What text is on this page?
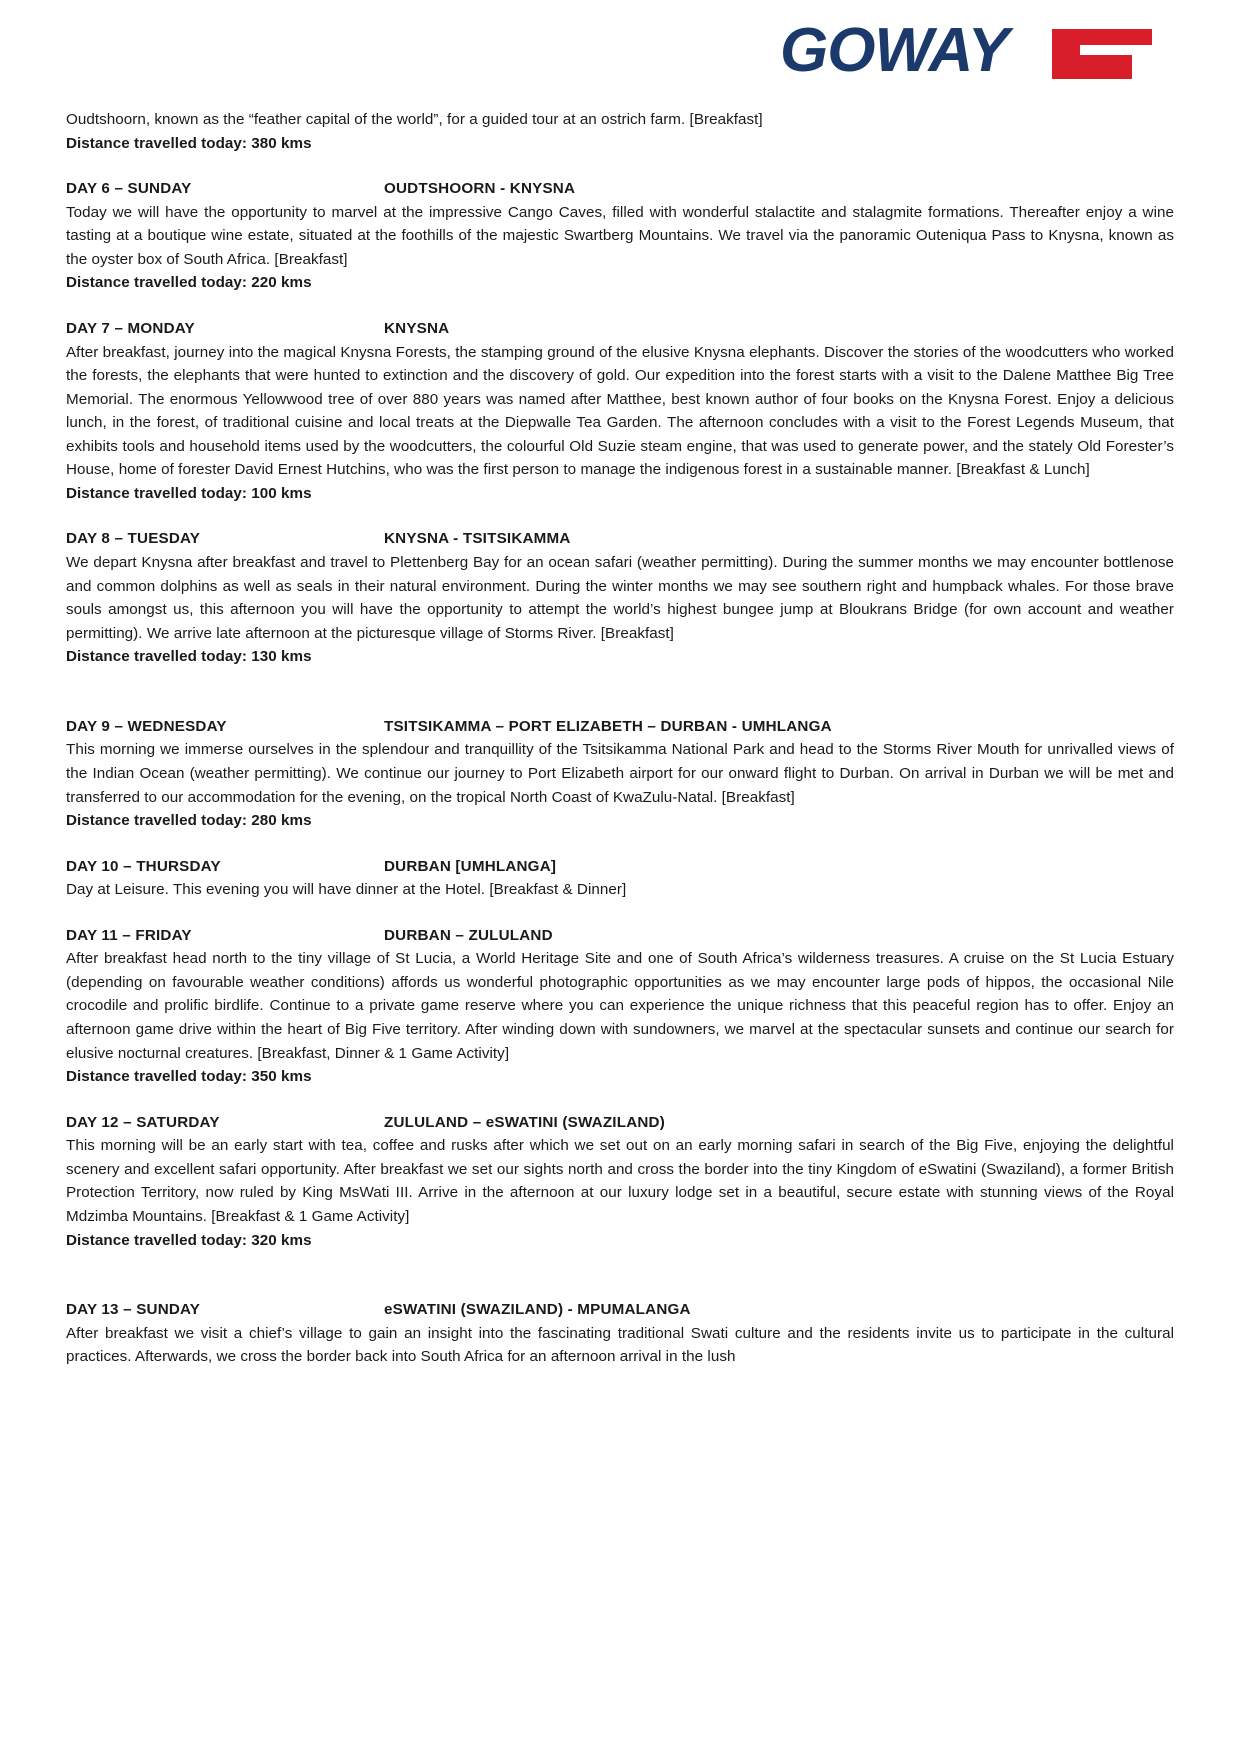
GOWAY

Oudtshoorn, known as the “feather capital of the world”, for a guided tour at an ostrich farm. [Breakfast]

Distance travelled today: 380 kms

DAY 6 – SUNDAY	OUDTSHOORN - KNYSNA

Today we will have the opportunity to marvel at the impressive Cango Caves, filled with wonderful stalactite and stalagmite formations. Thereafter enjoy a wine tasting at a boutique wine estate, situated at the foothills of the majestic Swartberg Mountains. We travel via the panoramic Outeniqua Pass to Knysna, known as the oyster box of South Africa. [Breakfast]

Distance travelled today: 220 kms

DAY 7 – MONDAY	KNYSNA

After breakfast, journey into the magical Knysna Forests, the stamping ground of the elusive Knysna elephants. Discover the stories of the woodcutters who worked the forests, the elephants that were hunted to extinction and the discovery of gold. Our expedition into the forest starts with a visit to the Dalene Matthee Big Tree Memorial. The enormous Yellowwood tree of over 880 years was named after Matthee, best known author of four books on the Knysna Forest. Enjoy a delicious lunch, in the forest, of traditional cuisine and local treats at the Diepwalle Tea Garden. The afternoon concludes with a visit to the Forest Legends Museum, that exhibits tools and household items used by the woodcutters, the colourful Old Suzie steam engine, that was used to generate power, and the stately Old Forester’s House, home of forester David Ernest Hutchins, who was the first person to manage the indigenous forest in a sustainable manner. [Breakfast & Lunch]

Distance travelled today: 100 kms

DAY 8 – TUESDAY	KNYSNA - TSITSIKAMMA

We depart Knysna after breakfast and travel to Plettenberg Bay for an ocean safari (weather permitting). During the summer months we may encounter bottlenose and common dolphins as well as seals in their natural environment. During the winter months we may see southern right and humpback whales. For those brave souls amongst us, this afternoon you will have the opportunity to attempt the world’s highest bungee jump at Bloukrans Bridge (for own account and weather permitting). We arrive late afternoon at the picturesque village of Storms River. [Breakfast]

Distance travelled today: 130 kms

DAY 9 – WEDNESDAY	TSITSIKAMMA – PORT ELIZABETH – DURBAN - UMHLANGA

This morning we immerse ourselves in the splendour and tranquillity of the Tsitsikamma National Park and head to the Storms River Mouth for unrivalled views of the Indian Ocean (weather permitting). We continue our journey to Port Elizabeth airport for our onward flight to Durban. On arrival in Durban we will be met and transferred to our accommodation for the evening, on the tropical North Coast of KwaZulu-Natal. [Breakfast]

Distance travelled today: 280 kms

DAY 10 – THURSDAY	DURBAN [UMHLANGA]

Day at Leisure. This evening you will have dinner at the Hotel. [Breakfast & Dinner]

DAY 11 – FRIDAY	DURBAN – ZULULAND

After breakfast head north to the tiny village of St Lucia, a World Heritage Site and one of South Africa’s wilderness treasures. A cruise on the St Lucia Estuary (depending on favourable weather conditions) affords us wonderful photographic opportunities as we may encounter large pods of hippos, the occasional Nile crocodile and prolific birdlife. Continue to a private game reserve where you can experience the unique richness that this peaceful region has to offer. Enjoy an afternoon game drive within the heart of Big Five territory. After winding down with sundowners, we marvel at the spectacular sunsets and continue our search for elusive nocturnal creatures. [Breakfast, Dinner & 1 Game Activity]

Distance travelled today: 350 kms

DAY 12 – SATURDAY	ZULULAND – eSWATINI (SWAZILAND)

This morning will be an early start with tea, coffee and rusks after which we set out on an early morning safari in search of the Big Five, enjoying the delightful scenery and excellent safari opportunity. After breakfast we set our sights north and cross the border into the tiny Kingdom of eSwatini (Swaziland), a former British Protection Territory, now ruled by King MsWati III. Arrive in the afternoon at our luxury lodge set in a beautiful, secure estate with stunning views of the Royal Mdzimba Mountains. [Breakfast & 1 Game Activity]

Distance travelled today: 320 kms

DAY 13 – SUNDAY	eSWATINI (SWAZILAND) - MPUMALANGA

After breakfast we visit a chief’s village to gain an insight into the fascinating traditional Swati culture and the residents invite us to participate in the cultural practices. Afterwards, we cross the border back into South Africa for an afternoon arrival in the lush
